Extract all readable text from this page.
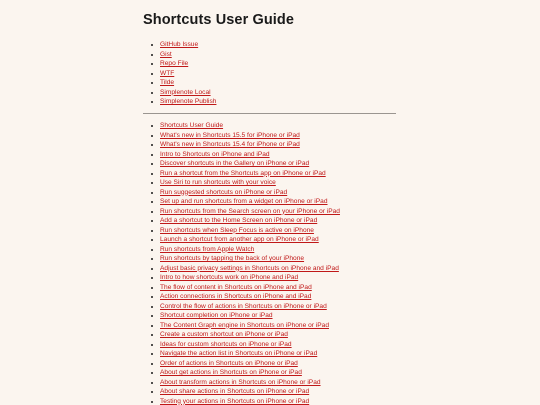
Shortcuts User Guide
GitHub Issue
Gist
Repo File
WTF
Tilde
Simplenote Local
Simplenote Publish
Shortcuts User Guide
What's new in Shortcuts 15.5 for iPhone or iPad
What's new in Shortcuts 15.4 for iPhone or iPad
Intro to Shortcuts on iPhone and iPad
Discover shortcuts in the Gallery on iPhone or iPad
Run a shortcut from the Shortcuts app on iPhone or iPad
Use Siri to run shortcuts with your voice
Run suggested shortcuts on iPhone or iPad
Set up and run shortcuts from a widget on iPhone or iPad
Run shortcuts from the Search screen on your iPhone or iPad
Add a shortcut to the Home Screen on iPhone or iPad
Run shortcuts when Sleep Focus is active on iPhone
Launch a shortcut from another app on iPhone or iPad
Run shortcuts from Apple Watch
Run shortcuts by tapping the back of your iPhone
Adjust basic privacy settings in Shortcuts on iPhone and iPad
Intro to how shortcuts work on iPhone and iPad
The flow of content in Shortcuts on iPhone and iPad
Action connections in Shortcuts on iPhone and iPad
Control the flow of actions in Shortcuts on iPhone or iPad
Shortcut completion on iPhone or iPad
The Content Graph engine in Shortcuts on iPhone or iPad
Create a custom shortcut on iPhone or iPad
Ideas for custom shortcuts on iPhone or iPad
Navigate the action list in Shortcuts on iPhone or iPad
Order of actions in Shortcuts on iPhone or iPad
About get actions in Shortcuts on iPhone or iPad
About transform actions in Shortcuts on iPhone or iPad
About share actions in Shortcuts on iPhone or iPad
Testing your actions in Shortcuts on iPhone or iPad
